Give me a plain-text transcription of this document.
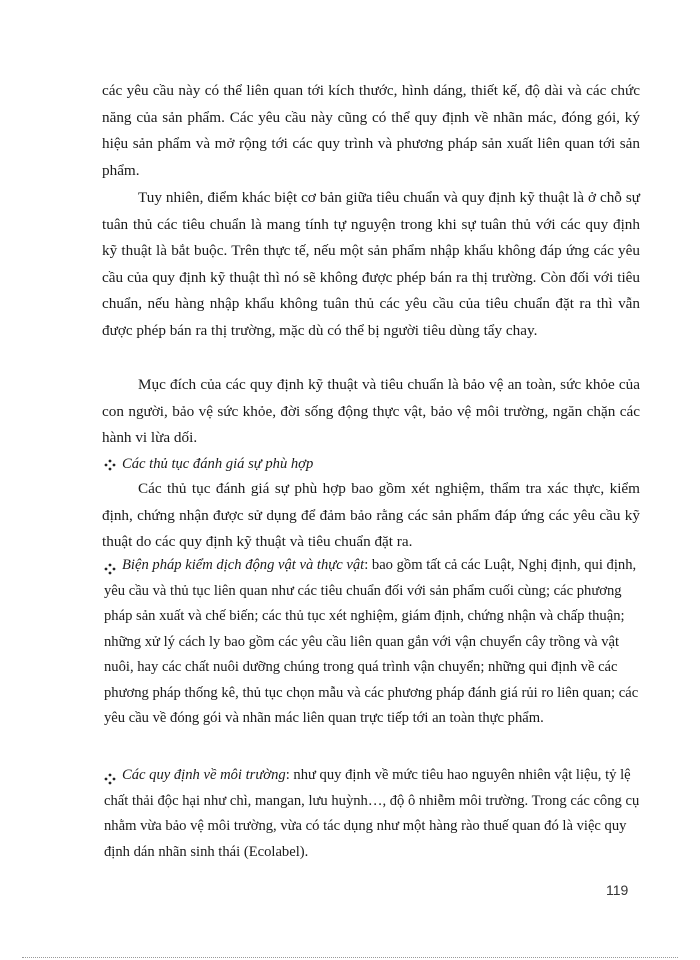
các yêu cầu này có thể liên quan tới kích thước, hình dáng, thiết kế, độ dài và các chức năng của sản phẩm. Các yêu cầu này cũng có thể quy định về nhãn mác, đóng gói, ký hiệu sản phẩm và mở rộng tới các quy trình và phương pháp sản xuất liên quan tới sản phẩm.

Tuy nhiên, điểm khác biệt cơ bản giữa tiêu chuẩn và quy định kỹ thuật là ở chỗ sự tuân thủ các tiêu chuẩn là mang tính tự nguyện trong khi sự tuân thủ với các quy định kỹ thuật là bắt buộc. Trên thực tế, nếu một sản phẩm nhập khẩu không đáp ứng các yêu cầu của quy định kỹ thuật thì nó sẽ không được phép bán ra thị trường. Còn đối với tiêu chuẩn, nếu hàng nhập khẩu không tuân thủ các yêu cầu của tiêu chuẩn đặt ra thì vẫn được phép bán ra thị trường, mặc dù có thể bị người tiêu dùng tẩy chay.

Mục đích của các quy định kỹ thuật và tiêu chuẩn là bảo vệ an toàn, sức khỏe của con người, bảo vệ sức khỏe, đời sống động thực vật, bảo vệ môi trường, ngăn chặn các hành vi lừa dối.

Các thủ tục đánh giá sự phù hợp

Các thủ tục đánh giá sự phù hợp bao gồm xét nghiệm, thẩm tra xác thực, kiểm định, chứng nhận được sử dụng để đảm bảo rằng các sản phẩm đáp ứng các yêu cầu kỹ thuật do các quy định kỹ thuật và tiêu chuẩn đặt ra.

Biện pháp kiểm dịch động vật và thực vật: bao gồm tất cả các Luật, Nghị định, qui định, yêu cầu và thủ tục liên quan như các tiêu chuẩn đối với sản phẩm cuối cùng; các phương pháp sản xuất và chế biến; các thủ tục xét nghiệm, giám định, chứng nhận và chấp thuận; những xử lý cách ly bao gồm các yêu cầu liên quan gắn với vận chuyển cây trồng và vật nuôi, hay các chất nuôi dưỡng chúng trong quá trình vận chuyển; những qui định về các phương pháp thống kê, thủ tục chọn mẫu và các phương pháp đánh giá rủi ro liên quan; các yêu cầu về đóng gói và nhãn mác liên quan trực tiếp tới an toàn thực phẩm.

Các quy định về môi trường: như quy định về mức tiêu hao nguyên nhiên vật liệu, tỷ lệ chất thải độc hại như chì, mangan, lưu huỳnh…, độ ô nhiễm môi trường. Trong các công cụ nhằm vừa bảo vệ môi trường, vừa có tác dụng như một hàng rào thuế quan đó là việc quy định dán nhãn sinh thái (Ecolabel).

119
